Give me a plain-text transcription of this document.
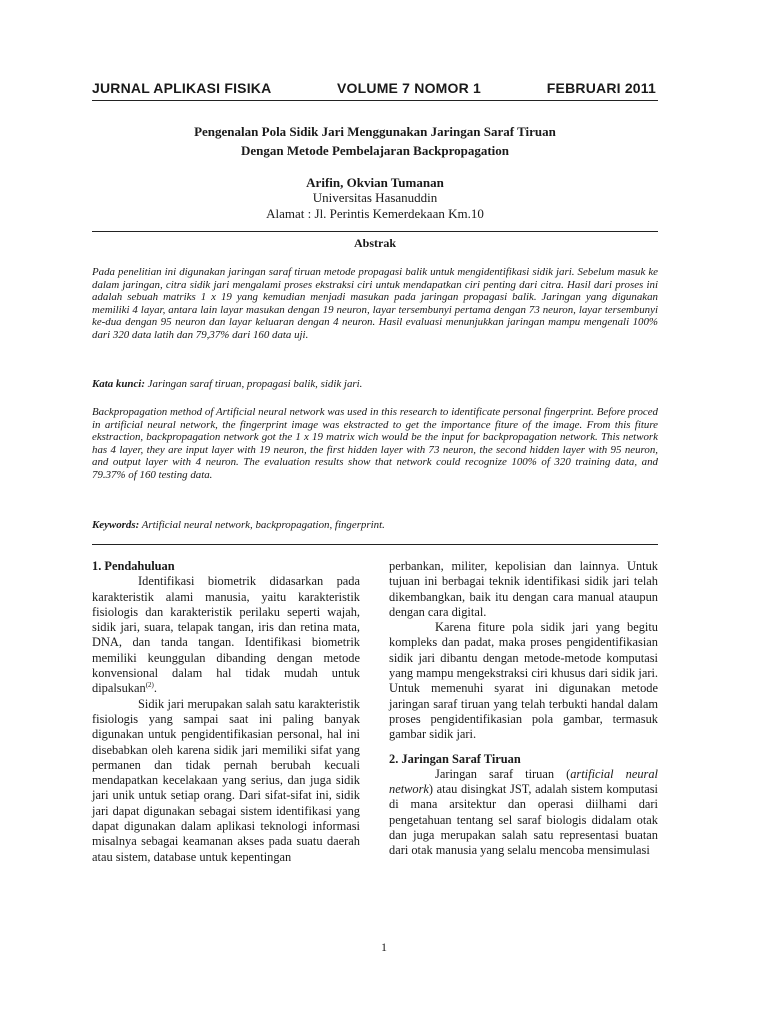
JURNAL APLIKASI FISIKA	VOLUME 7 NOMOR 1	FEBRUARI 2011
Pengenalan Pola Sidik Jari Menggunakan Jaringan Saraf Tiruan
Dengan Metode Pembelajaran Backpropagation
Arifin, Okvian Tumanan
Universitas Hasanuddin
Alamat : Jl. Perintis Kemerdekaan Km.10
Abstrak
Pada penelitian ini digunakan jaringan saraf tiruan metode propagasi balik untuk mengidentifikasi sidik jari. Sebelum masuk ke dalam jaringan, citra sidik jari mengalami proses ekstraksi ciri untuk mendapatkan ciri penting dari citra. Hasil dari proses ini adalah sebuah matriks 1 x 19 yang kemudian menjadi masukan pada jaringan propagasi balik. Jaringan yang digunakan memiliki 4 layar, antara lain layar masukan dengan 19 neuron, layar tersembunyi pertama dengan 73 neuron, layar tersembunyi ke-dua dengan 95 neuron dan layar keluaran dengan 4 neuron. Hasil evaluasi menunjukkan jaringan mampu mengenali 100% dari 320 data latih dan 79,37% dari 160 data uji.
Kata kunci: Jaringan saraf tiruan, propagasi balik, sidik jari.
Backpropagation method of Artificial neural network was used in this research to identificate personal fingerprint. Before proced in artificial neural network, the fingerprint image was ekstracted to get the importance fiture of the image. From this fiture ekstraction, backpropagation network got the 1 x 19 matrix wich would be the input for backpropagation network. This network has 4 layer, they are input layer with 19 neuron, the first hidden layer with 73 neuron, the second hidden layer with 95 neuron, and output layer with 4 neuron. The evaluation results show that network could recognize 100% of 320 training data, and 79.37% of 160 testing data.
Keywords: Artificial neural network, backpropagation, fingerprint.

1. Pendahuluan

Identifikasi biometrik didasarkan pada karakteristik alami manusia, yaitu karakteristik fisiologis dan karakteristik perilaku seperti wajah, sidik jari, suara, telapak tangan, iris dan retina mata, DNA, dan tanda tangan. Identifikasi biometrik memiliki keunggulan dibanding dengan metode konvensional dalam hal tidak mudah untuk dipalsukan$^{(2)}$.

Sidik jari merupakan salah satu karakteristik fisiologis yang sampai saat ini paling banyak digunakan untuk pengidentifikasian personal, hal ini disebabkan oleh karena sidik jari memiliki sifat yang permanen dan tidak pernah berubah kecuali mendapatkan kecelakaan yang serius, dan juga sidik jari unik untuk setiap orang. Dari sifat-sifat ini, sidik jari dapat digunakan sebagai sistem identifikasi yang dapat digunakan dalam aplikasi teknologi informasi misalnya sebagai keamanan akses pada suatu daerah atau sistem, database untuk kepentingan

perbankan, militer, kepolisian dan lainnya. Untuk tujuan ini berbagai teknik identifikasi sidik jari telah dikembangkan, baik itu dengan cara manual ataupun dengan cara digital.

Karena fiture pola sidik jari yang begitu kompleks dan padat, maka proses pengidentifikasian sidik jari dibantu dengan metode-metode komputasi yang mampu mengekstraksi ciri khusus dari sidik jari. Untuk memenuhi syarat ini digunakan metode jaringan saraf tiruan yang telah terbukti handal dalam proses pengidentifikasian pola gambar, termasuk gambar sidik jari.

2. Jaringan Saraf Tiruan

Jaringan saraf tiruan (artificial neural network) atau disingkat JST, adalah sistem komputasi di mana arsitektur dan operasi diilhami dari pengetahuan tentang sel saraf biologis didalam otak dan juga merupakan salah satu representasi buatan dari otak manusia yang selalu mencoba mensimulasi

1
